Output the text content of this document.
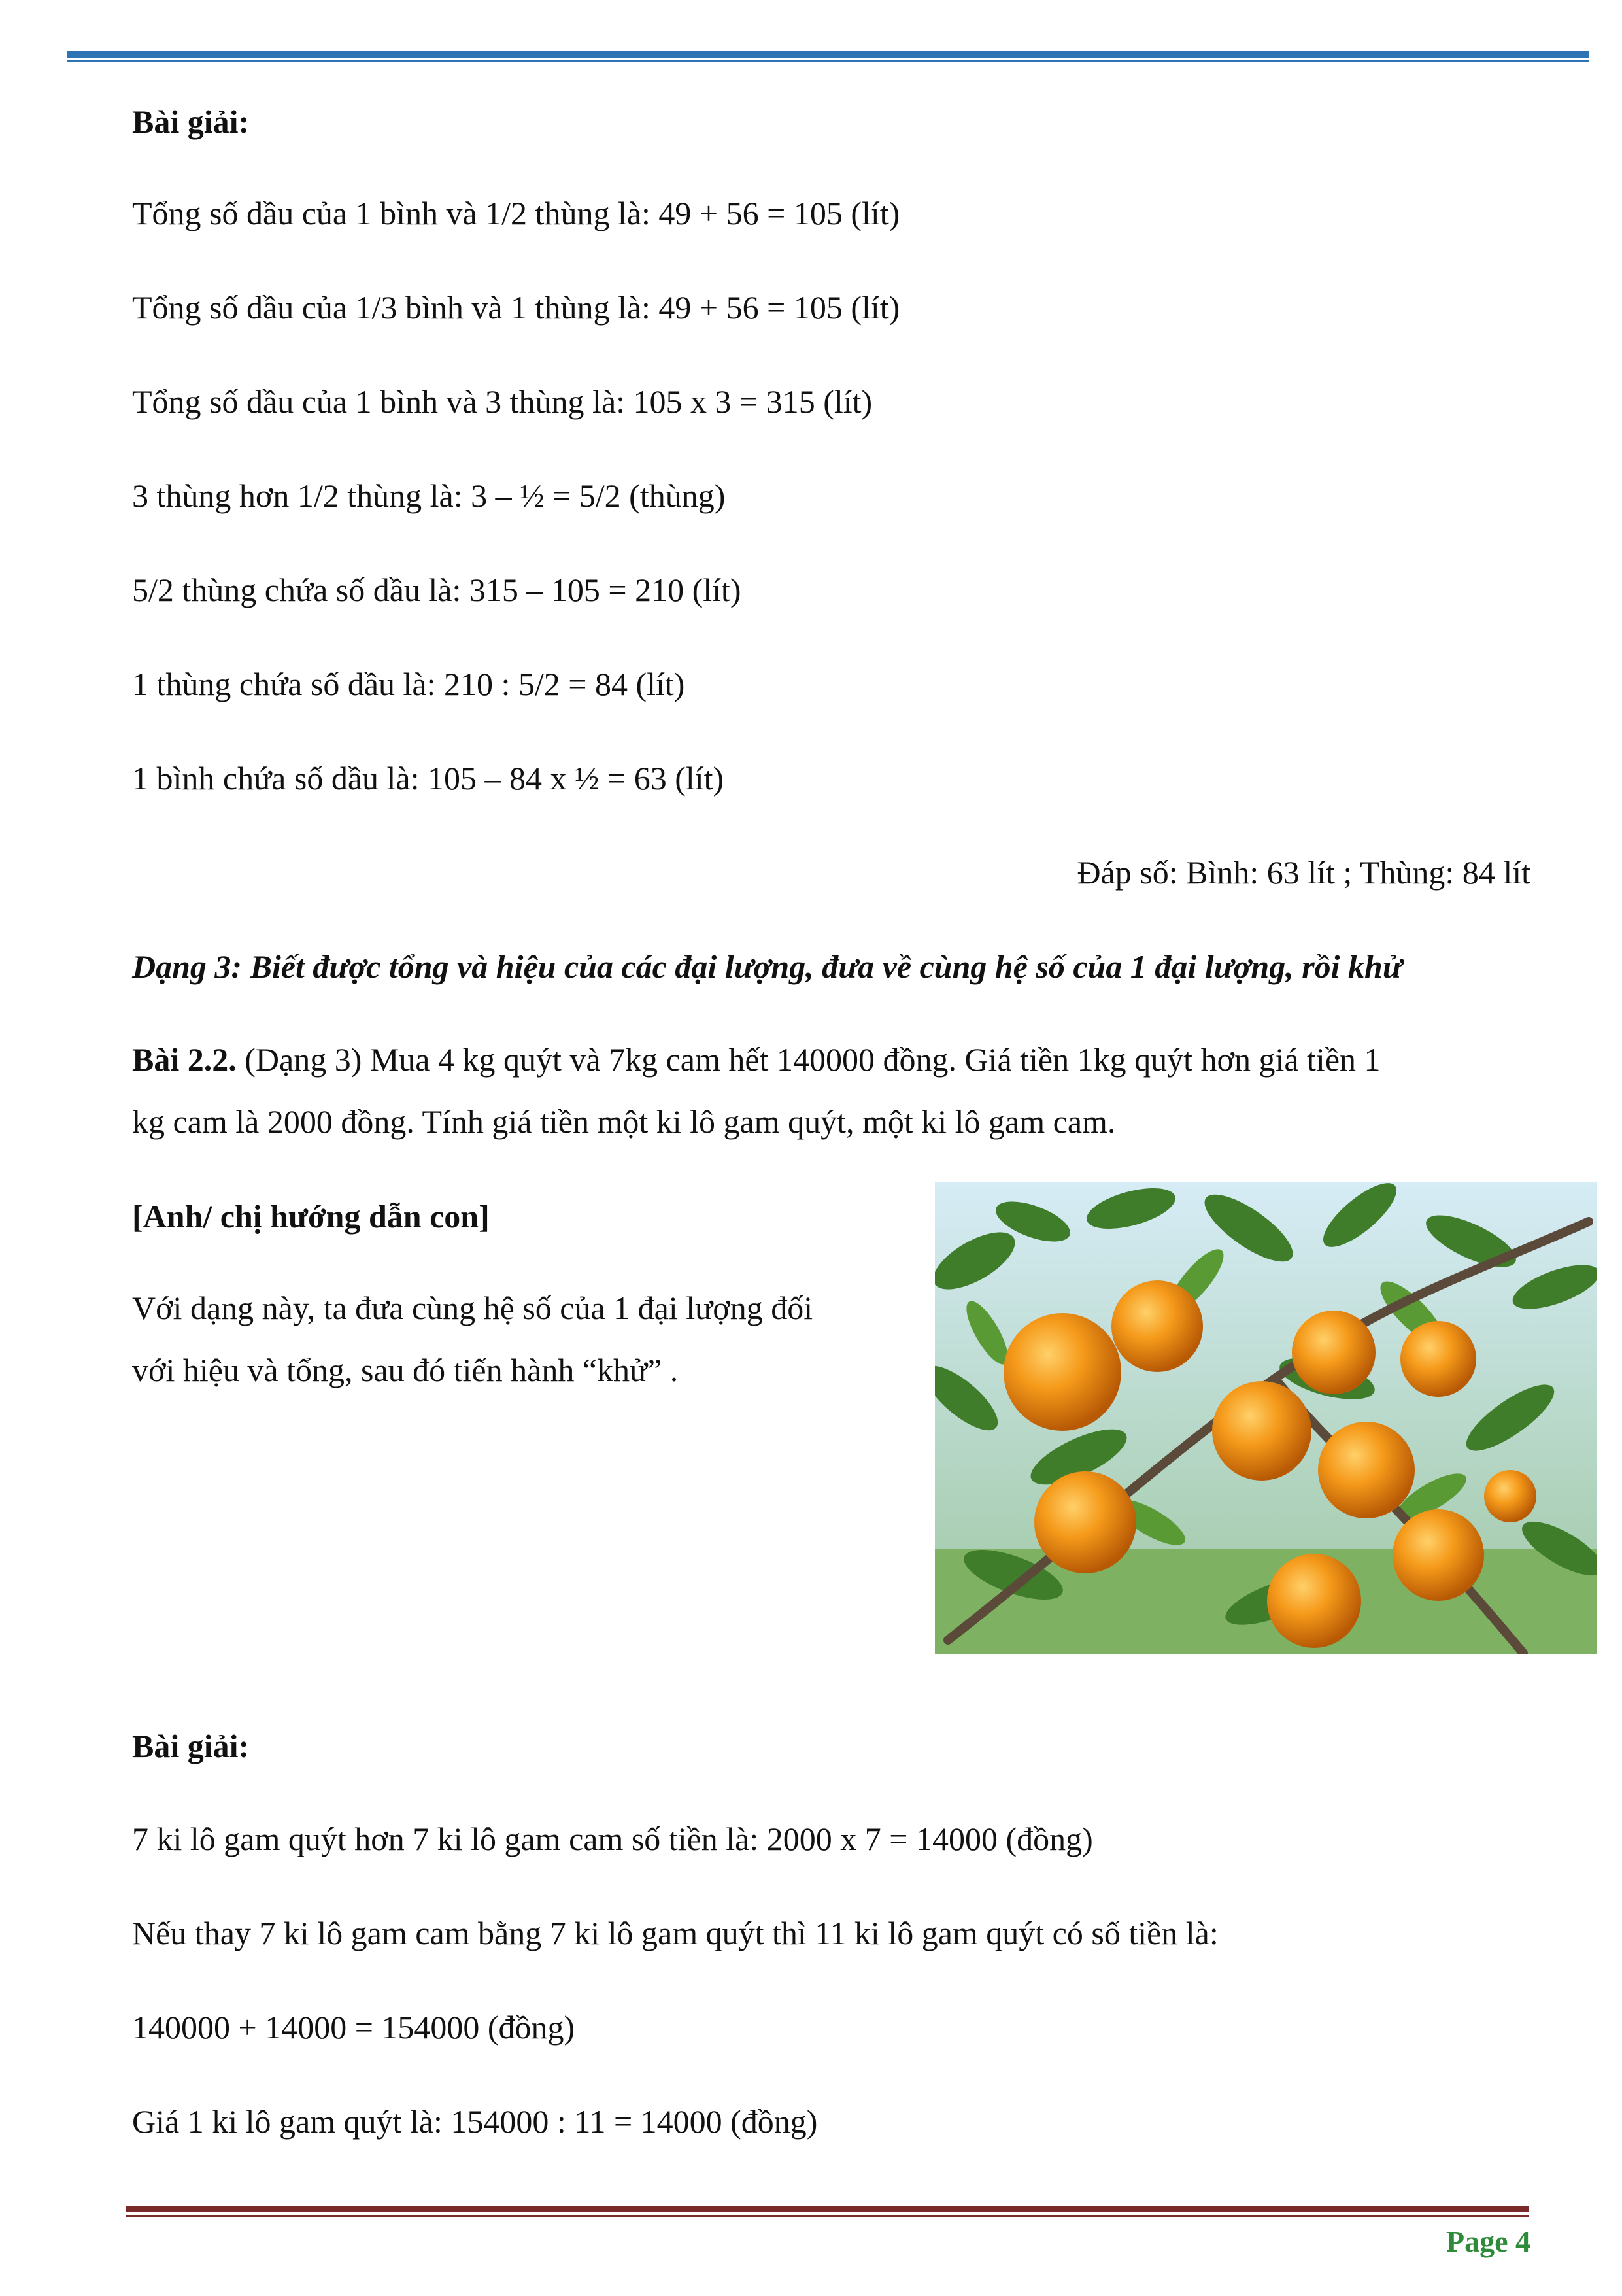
Bài giải:

Tổng số dầu của 1 bình và 1/2 thùng là: 49 + 56 = 105 (lít)

Tổng số dầu của 1/3 bình và 1 thùng là: 49 + 56 = 105 (lít)

Tổng số dầu của 1 bình và 3 thùng là: 105 x 3 = 315 (lít)

3 thùng hơn 1/2 thùng là: 3 – ½ = 5/2 (thùng)

5/2 thùng chứa số dầu là: 315 – 105 = 210 (lít)

1 thùng chứa số dầu là: 210 : 5/2 = 84 (lít)

1 bình chứa số dầu là: 105 – 84 x ½ = 63 (lít)

Đáp số: Bình: 63 lít ; Thùng: 84 lít

Dạng 3: Biết được tổng và hiệu của các đại lượng, đưa về cùng hệ số của 1 đại lượng, rồi khử

Bài 2.2. (Dạng 3) Mua 4 kg quýt và 7kg cam hết 140000 đồng. Giá tiền 1kg quýt hơn giá tiền 1

kg cam là 2000 đồng. Tính giá tiền một ki lô gam quýt, một ki lô gam cam.

[Anh/ chị hướng dẫn con]

Với dạng này, ta đưa cùng hệ số của 1 đại lượng đối

với hiệu và tổng, sau đó tiến hành “khử” .

Bài giải:

7 ki lô gam quýt hơn 7 ki lô gam cam số tiền là: 2000 x 7 = 14000 (đồng)

Nếu thay 7 ki lô gam cam bằng 7 ki lô gam quýt thì 11 ki lô gam quýt có số tiền là:

140000 + 14000 = 154000 (đồng)

Giá 1 ki lô gam quýt là: 154000 : 11 = 14000 (đồng)

Page 4
